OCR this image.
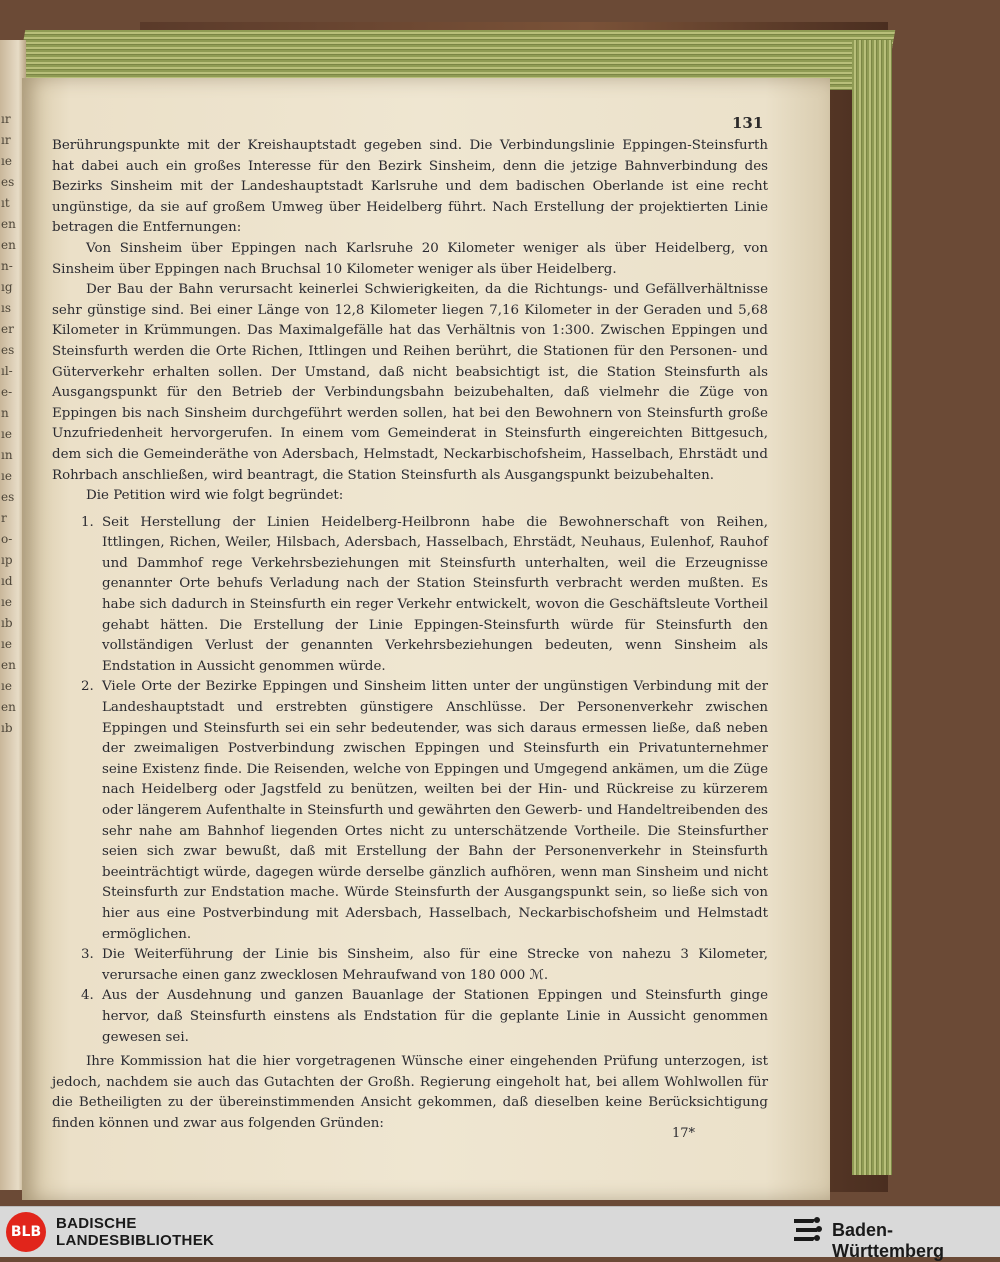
ır
ır
ıe
es
ıt
en
en
n-
ıg
ıs
er
es
ıl-
e-
n
ıe
ın
ıe
es
r
o-
ıp
ıd
ıe
ıb
ıe
en
ıe
en
ıb
131

Berührungspunkte mit der Kreishauptstadt gegeben sind. Die Verbindungslinie Eppingen-Steinsfurth hat dabei auch ein großes Interesse für den Bezirk Sinsheim, denn die jetzige Bahnverbindung des Bezirks Sinsheim mit der Landeshauptstadt Karlsruhe und dem badischen Oberlande ist eine recht ungünstige, da sie auf großem Umweg über Heidelberg führt. Nach Erstellung der projektierten Linie betragen die Entfernungen:

Von Sinsheim über Eppingen nach Karlsruhe 20 Kilometer weniger als über Heidelberg, von Sinsheim über Eppingen nach Bruchsal 10 Kilometer weniger als über Heidelberg.

Der Bau der Bahn verursacht keinerlei Schwierigkeiten, da die Richtungs- und Gefällverhältnisse sehr günstige sind. Bei einer Länge von 12,8 Kilometer liegen 7,16 Kilometer in der Geraden und 5,68 Kilometer in Krümmungen. Das Maximalgefälle hat das Verhältnis von 1:300. Zwischen Eppingen und Steinsfurth werden die Orte Richen, Ittlingen und Reihen berührt, die Stationen für den Personen- und Güterverkehr erhalten sollen. Der Umstand, daß nicht beabsichtigt ist, die Station Steinsfurth als Ausgangspunkt für den Betrieb der Verbindungsbahn beizubehalten, daß vielmehr die Züge von Eppingen bis nach Sinsheim durchgeführt werden sollen, hat bei den Bewohnern von Steinsfurth große Unzufriedenheit hervorgerufen. In einem vom Gemeinderat in Steinsfurth eingereichten Bittgesuch, dem sich die Gemeinderäthe von Adersbach, Helmstadt, Neckarbischofsheim, Hasselbach, Ehrstädt und Rohrbach anschließen, wird beantragt, die Station Steinsfurth als Ausgangspunkt beizubehalten.

Die Petition wird wie folgt begründet:

1. Seit Herstellung der Linien Heidelberg-Heilbronn habe die Bewohnerschaft von Reihen, Ittlingen, Richen, Weiler, Hilsbach, Adersbach, Hasselbach, Ehrstädt, Neuhaus, Eulenhof, Rauhof und Dammhof rege Verkehrsbeziehungen mit Steinsfurth unterhalten, weil die Erzeugnisse genannter Orte behufs Verladung nach der Station Steinsfurth verbracht werden mußten. Es habe sich dadurch in Steinsfurth ein reger Verkehr entwickelt, wovon die Geschäftsleute Vortheil gehabt hätten. Die Erstellung der Linie Eppingen-Steinsfurth würde für Steinsfurth den vollständigen Verlust der genannten Verkehrsbeziehungen bedeuten, wenn Sinsheim als Endstation in Aussicht genommen würde.
2. Viele Orte der Bezirke Eppingen und Sinsheim litten unter der ungünstigen Verbindung mit der Landeshauptstadt und erstrebten günstigere Anschlüsse. Der Personenverkehr zwischen Eppingen und Steinsfurth sei ein sehr bedeutender, was sich daraus ermessen ließe, daß neben der zweimaligen Postverbindung zwischen Eppingen und Steinsfurth ein Privatunternehmer seine Existenz finde. Die Reisenden, welche von Eppingen und Umgegend ankämen, um die Züge nach Heidelberg oder Jagstfeld zu benützen, weilten bei der Hin- und Rückreise zu kürzerem oder längerem Aufenthalte in Steinsfurth und gewährten den Gewerb- und Handeltreibenden des sehr nahe am Bahnhof liegenden Ortes nicht zu unterschätzende Vortheile. Die Steinsfurther seien sich zwar bewußt, daß mit Erstellung der Bahn der Personenverkehr in Steinsfurth beeinträchtigt würde, dagegen würde derselbe gänzlich aufhören, wenn man Sinsheim und nicht Steinsfurth zur Endstation mache. Würde Steinsfurth der Ausgangspunkt sein, so ließe sich von hier aus eine Postverbindung mit Adersbach, Hasselbach, Neckarbischofsheim und Helmstadt ermöglichen.
3. Die Weiterführung der Linie bis Sinsheim, also für eine Strecke von nahezu 3 Kilometer, verursache einen ganz zwecklosen Mehraufwand von 180 000 ℳ.
4. Aus der Ausdehnung und ganzen Bauanlage der Stationen Eppingen und Steinsfurth ginge hervor, daß Steinsfurth einstens als Endstation für die geplante Linie in Aussicht genommen gewesen sei.

Ihre Kommission hat die hier vorgetragenen Wünsche einer eingehenden Prüfung unterzogen, ist jedoch, nachdem sie auch das Gutachten der Großh. Regierung eingeholt hat, bei allem Wohlwollen für die Betheiligten zu der übereinstimmenden Ansicht gekommen, daß dieselben keine Berücksichtigung finden können und zwar aus folgenden Gründen:

17*
BLB BADISCHE
LANDESBIBLIOTHEK
Baden-Württemberg
